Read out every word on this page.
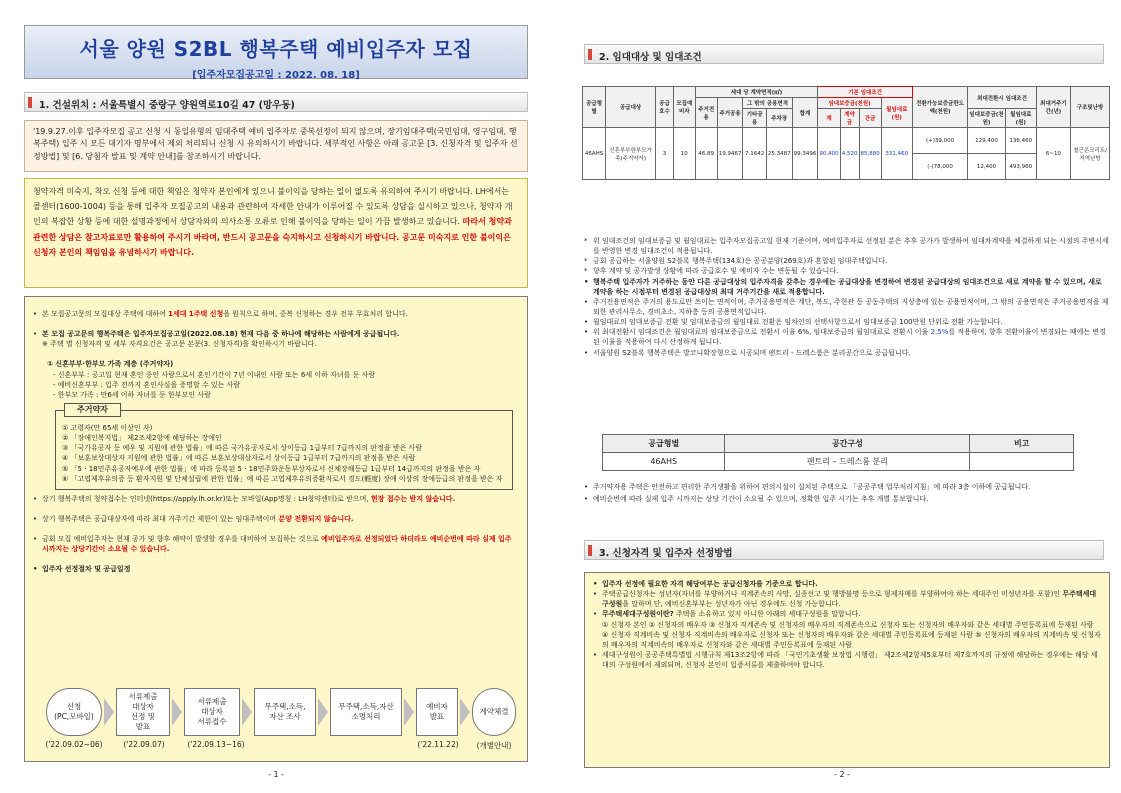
서울 양원 S2BL 행복주택 예비입주자 모집
[입주자모집공고일 : 2022. 08. 18]
1. 건설위치 : 서울특별시 중랑구 양원역로10길 47 (망우동)
'19.9.27.이후 입주자모집 공고 신청 시 동일유형의 임대주택 예비 입주자로 중복선정이 되지 않으며, 장기임대주택(국민임대, 영구임대, 행복주택) 입주 시 모든 대기자 명부에서 제외 처리되니 신청 시 유의하시기 바랍니다. 세부적인 사항은 아래 공고문 [3. 신청자격 및 입주자 선정방법] 및 [6. 당첨자 발표 및 계약 안내]를 참조하시기 바랍니다.
청약자격 미숙지, 착오 신청 등에 대한 책임은 청약자 본인에게 있으니 불이익을 당하는 일이 없도록 유의하여 주시기 바랍니다. LH에서는 콜센터(1600-1004) 등을 통해 입주자 모집공고의 내용과 관련하여 자세한 안내가 이루어질 수 있도록 상담을 실시하고 있으나, 청약자 개인의 복잡한 상황 등에 대한 설명과정에서 상담자와의 의사소통 오류로 인해 불이익을 당하는 일이 가끔 발생하고 있습니다. 따라서 청약과 관련한 상담은 참고자료로만 활용하여 주시기 바라며, 반드시 공고문을 숙지하시고 신청하시기 바랍니다. 공고문 미숙지로 인한 불이익은 신청자 본인의 책임임을 유념하시기 바랍니다.
• 본 모집공고문의 모집대상 주택에 대하여 1세대 1주택 신청을 원칙으로 하며, 중복 신청하는 경우 전부 무효처리 합니다.
• 본 모집 공고문의 행복주택은 입주자모집공고일(2022.08.18) 현재 다음 중 하나에 해당하는 사람에게 공급됩니다.
※ 주택 별 신청자격 및 세부 자격요건은 공고문 본문(3. 신청자격)을 확인하시기 바랍니다.
① 신혼부부·한부모 가족 계층 (주거약자)
- 신혼부부 : 공고일 현재 혼인 중인 사람으로서 혼인기간이 7년 이내인 사람 또는 6세 이하 자녀를 둔 사람
- 예비신혼부부 : 입주 전까지 혼인사실을 증명할 수 있는 사람
- 한부모 가족 : 만6세 이하 자녀를 둔 한부모인 사람
주거약자
① 고령자(만 65세 이상인 자)
② 「장애인복지법」 제2조제2항에 해당하는 장애인
③ 「국가유공자 등 예우 및 지원에 관한 법률」에 따른 국가유공자로서 상이등급 1급부터 7급까지의 판정을 받은 사람
④ 「보훈보상대상자 지원에 관한 법률」에 따른 보훈보상대상자로서 상이등급 1급부터 7급까지의 판정을 받은 사람
⑤ 「5ㆍ18민주유공자예우에 관한 법률」에 따라 등록된 5ㆍ18민주화운동부상자로서 신체장해등급 1급부터 14급까지의 판정을 받은 자
⑥ 「고엽제후유의증 등 환자지원 및 단체설립에 관한 법률」에 따른 고엽제후유의증환자로서 경도(輕度) 장애 이상의 장애등급의 판정을 받은 자
• 상기 행복주택의 청약접수는 인터넷(https://apply.lh.or.kr)또는 모바일(App명칭 : LH청약센터)로 받으며, 현장 접수는 받지 않습니다.
• 상기 행복주택은 공급대상자에 따라 최대 거주기간 제한이 있는 임대주택이며 분양 전환되지 않습니다.
• 금회 모집 예비입주자는 현재 공가 및 향후 해약이 발생할 경우를 대비하여 모집하는 것으로 예비입주자로 선정되었다 하더라도 예비순번에 따라 실제 입주 시까지는 상당기간이 소요될 수 있습니다.
• 입주자 선정절차 및 공급일정
신청
(PC,모바일)
서류제출
대상자
선정 및
발표
서류제출
대상자
서류접수
무주택,소득,
자산 조사
무주택,소득,자산
소명처리
예비자
발표
계약체결
('22.09.02~06)	('22.09.07)	('22.09.13~16)	('22.11.22)	(개별안내)
- 1 -
2. 임대대상 및 임대조건
공급형별	공급대상	공급호수	모집예비자	세대 당 계약면적(㎡)					기본 임대조건				전환가능보증금한도액(천원)	최대전환시 임대조건		최대거주기간(년)	구조및난방
				주거전용	주거공용	그 밖의 공용면적		합계	임대보증금(천원)			월임대료(원)					
						기타공용	주차장		계	계약금	잔금			임대보증금(천원)	월임대료(원)		
46AHS	신혼부부한부모가족(주거약자)	3	10	46.89	19.9467	7.1642	25.3487	99.3496	90,400	4,520	85,880	331,460	(+)39,000	129,400	136,460	6~10	철근콘크리트/지역난방
													(-)78,000	12,400	493,960		
* 위 임대조건의 임대보증금 및 월임대료는 입주자모집공고일 현재 기준이며, 예비입주자로 선정된 분은 추후 공가가 발생하여 임대차계약을 체결하게 되는 시점의 주변시세를 반영한 변경 임대조건이 적용됩니다.
* 금회 공급하는 서울양원 S2블록 행복주택(134호)은 공공분양(269호)과 혼합된 임대주택입니다.
* 향후 계약 및 공가발생 상황에 따라 공급호수 및 예비자 수는 변동될 수 있습니다.
• 행복주택 입주자가 거주하는 동안 다른 공급대상의 입주자격을 갖추는 경우에는 공급대상을 변경하여 변경된 공급대상의 임대조건으로 새로 계약을 할 수 있으며, 새로 계약을 하는 시점부터 변경된 공급대상의 최대 거주기간을 새로 적용합니다.
• 주거전용면적은 주거의 용도로만 쓰이는 면적이며, 주거공용면적은 계단, 복도, 주현관 등 공동주택의 지상층에 있는 공용면적이며, 그 밖의 공용면적은 주거공용면적을 제외한 관리사무소, 경비초소, 지하층 등의 공용면적입니다.
• 월임대료의 임대보증금 전환 및 임대보증금의 월임대료 전환은 임차인의 선택사항으로서 임대보증금 100만원 단위로 전환 가능합니다.
• 위 최대전환시 임대조건은 월임대료의 임대보증금으로 전환시 이율 6%, 임대보증금의 월임대료로 전환시 이율 2.5%를 적용하며, 향후 전환이율이 변경되는 때에는 변경된 이율을 적용하여 다시 산정하게 됩니다.
• 서울양원 S2블록 행복주택은 발코니확장형으로 시공되며 팬트리 - 드레스룸은 분리공간으로 공급됩니다.
공급형별	공간구성	비고
46AHS	팬트리 – 드레스룸 분리	
• 주거약자용 주택은 안전하고 편리한 주거생활을 위하여 편의시설이 설치된 주택으로 「공공주택 업무처리지침」에 따라 3층 이하에 공급됩니다.
• 예비순번에 따라 실제 입주 시까지는 상당 기간이 소요될 수 있으며, 정확한 입주 시기는 추후 개별 통보합니다.
3. 신청자격 및 입주자 선정방법
• 입주자 선정에 필요한 자격 해당여부는 공급신청자를 기준으로 합니다.
• 주택공급신청자는 성년자(자녀를 부양하거나 직계존속의 사망, 실종선고 및 행방불명 등으로 형제자매를 부양하여야 하는 세대주인 미성년자를 포함)인 무주택세대구성원을 말하며 단, 예비신혼부부는 성년자가 아닌 경우에도 신청 가능합니다.
• 무주택세대구성원이란? 주택을 소유하고 있지 아니한 아래의 세대구성원을 말합니다.
① 신청자 본인 ② 신청자의 배우자 ③ 신청자 직계존속 및 신청자의 배우자의 직계존속으로 신청자 또는 신청자의 배우자와 같은 세대별 주민등록표에 등재된 사람 ④ 신청자 직계비속 및 신청자 직계비속의 배우자로 신청자 또는 신청자의 배우자와 같은 세대별 주민등록표에 등재된 사람 ⑤ 신청자의 배우자의 직계비속 및 신청자의 배우자의 직계비속의 배우자로 신청자와 같은 세대별 주민등록표에 등재된 사람
• 세대구성원이 공공주택특별법 시행규칙 제13조2항에 따라 「국민기초생활 보장법 시행령」 제2조제2항제5호부터 제7호까지의 규정에 해당하는 경우에는 해당 세대의 구성원에서 제외되며, 신청자 본인이 입증서류를 제출하여야 합니다.
- 2 -
